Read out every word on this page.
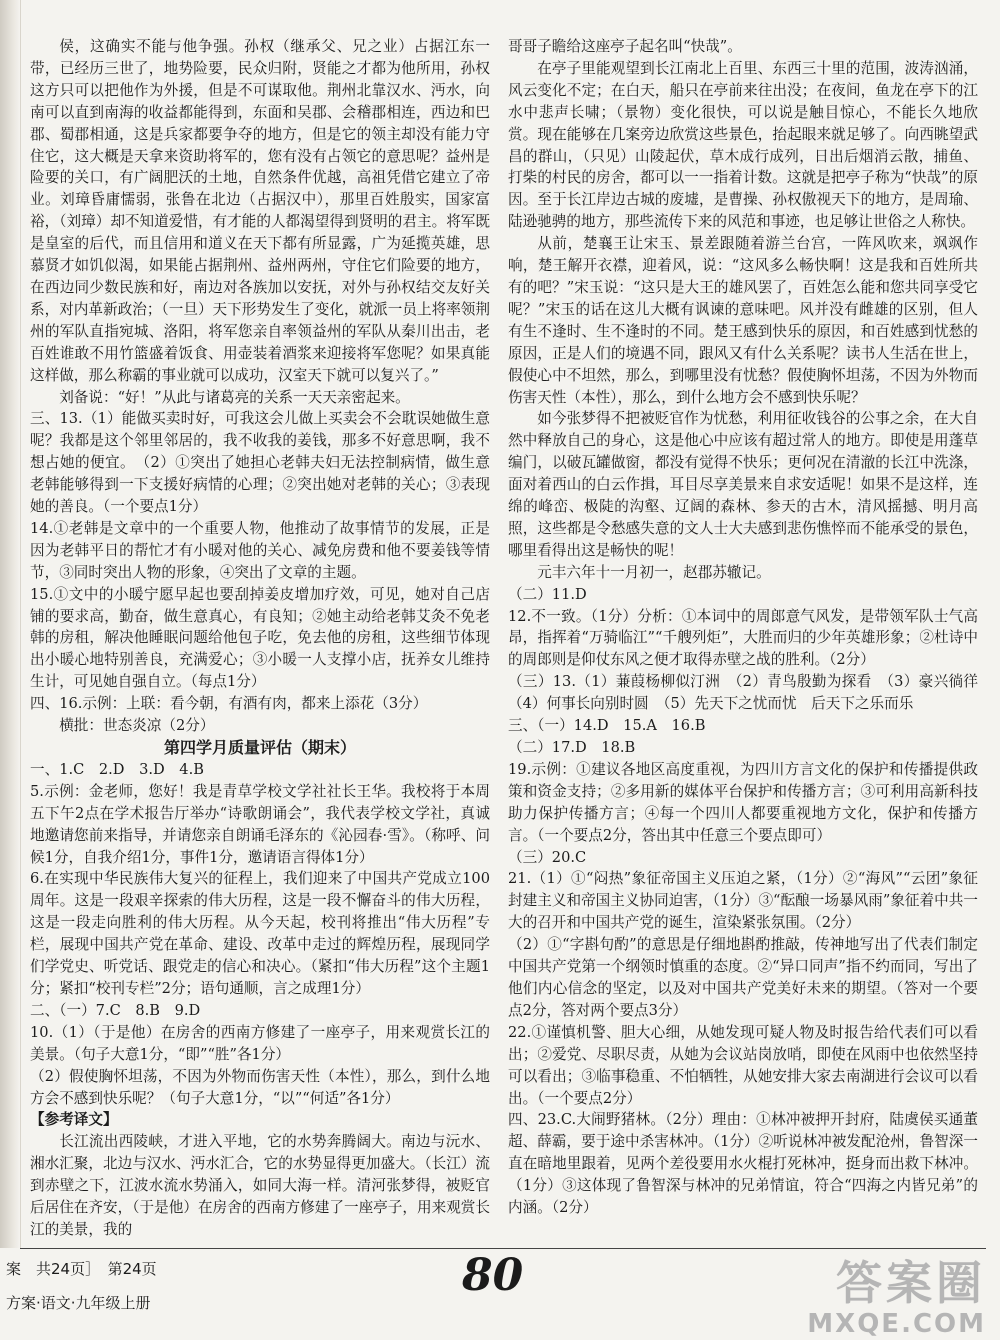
侯，这确实不能与他争强。孙权（继承父、兄之业）占据江东一带，已经历三世了，地势险要，民众归附，贤能之才都为他所用，孙权这方只可以把他作为外援，但是不可谋取他。荆州北靠汉水、沔水，向南可以直到南海的收益都能得到，东面和吴郡、会稽郡相连，西边和巴郡、蜀郡相通，这是兵家都要争夺的地方，但是它的领主却没有能力守住它，这大概是天拿来资助将军的，您有没有占领它的意思呢？益州是险要的关口，有广阔肥沃的土地，自然条件优越，高祖凭借它建立了帝业。刘璋昏庸懦弱，张鲁在北边（占据汉中），那里百姓殷实，国家富裕，（刘璋）却不知道爱惜，有才能的人都渴望得到贤明的君主。将军既是皇室的后代，而且信用和道义在天下都有所显露，广为延揽英雄，思慕贤才如饥似渴，如果能占据荆州、益州两州，守住它们险要的地方，在西边同少数民族和好，南边对各族加以安抚，对外与孙权结交友好关系，对内革新政治；（一旦）天下形势发生了变化，就派一员上将率领荆州的军队直指宛城、洛阳，将军您亲自率领益州的军队从秦川出击，老百姓谁敢不用竹篮盛着饭食、用壶装着酒浆来迎接将军您呢？如果真能这样做，那么称霸的事业就可以成功，汉室天下就可以复兴了。”

刘备说：“好！”从此与诸葛亮的关系一天天亲密起来。

三、13.（1）能做买卖时好，可我这会儿做上买卖会不会耽误她做生意呢？我都是这个邻里邻居的，我不收我的姜钱，那多不好意思啊，我不想占她的便宜。　（2）①突出了她担心老韩夫妇无法控制病情，做生意老韩能够得到一下支援好病情的心理；②突出她对老韩的关心；③表现她的善良。（一个要点1分）

14.①老韩是文章中的一个重要人物，他推动了故事情节的发展，正是因为老韩平日的帮忙才有小暖对他的关心、减免房费和他不要姜钱等情节，③同时突出人物的形象，④突出了文章的主题。

15.①文中的小暖宁愿早起也要刮掉姜皮增加疗效，可见，她对自己店铺的要求高，勤奋，做生意真心，有良知；②她主动给老韩艾灸不免老韩的房租，解决他睡眠问题给他包子吃，免去他的房租，这些细节体现出小暖心地特别善良，充满爱心；③小暖一人支撑小店，抚养女儿维持生计，可见她自强自立。（每点1分）

四、16.示例：上联：看今朝，有酒有肉，都来上添花（3分）

横批：世态炎凉（2分）

第四学月质量评估（期末）

一、1.C　2.D　3.D　4.B

5.示例：金老师，您好！我是青草学校文学社社长王华。我校将于本周五下午2点在学术报告厅举办“诗歌朗诵会”，我代表学校文学社，真诚地邀请您前来指导，并请您亲自朗诵毛泽东的《沁园春·雪》。（称呼、问候1分，自我介绍1分，事件1分，邀请语言得体1分）

6.在实现中华民族伟大复兴的征程上，我们迎来了中国共产党成立100周年。这是一段艰辛探索的伟大历程，这是一段不懈奋斗的伟大历程，这是一段走向胜利的伟大历程。从今天起，校刊将推出“伟大历程”专栏，展现中国共产党在革命、建设、改革中走过的辉煌历程，展现同学们学党史、听党话、跟党走的信心和决心。（紧扣“伟大历程”这个主题1分；紧扣“校刊专栏”2分；语句通顺，言之成理1分）

二、（一）7.C　8.B　9.D

10.（1）（于是他）在房舍的西南方修建了一座亭子，用来观赏长江的美景。（句子大意1分，“即”“胜”各1分）

（2）假使胸怀坦荡，不因为外物而伤害天性（本性），那么，到什么地方会不感到快乐呢？（句子大意1分，“以”“何适”各1分）

【参考译文】

长江流出西陵峡，才进入平地，它的水势奔腾阔大。南边与沅水、湘水汇聚，北边与汉水、沔水汇合，它的水势显得更加盛大。（长江）流到赤壁之下，江波水流水势涌入，如同大海一样。清河张梦得，被贬官后居住在齐安，（于是他）在房舍的西南方修建了一座亭子，用来观赏长江的美景，我的

哥哥子瞻给这座亭子起名叫“快哉”。

在亭子里能观望到长江南北上百里、东西三十里的范围，波涛汹涌，风云变化不定；在白天，船只在亭前来往出没；在夜间，鱼龙在亭下的江水中悲声长啸；（景物）变化很快，可以说是触目惊心，不能长久地欣赏。现在能够在几案旁边欣赏这些景色，抬起眼来就足够了。向西眺望武昌的群山，（只见）山陵起伏，草木成行成列，日出后烟消云散，捕鱼、打柴的村民的房舍，都可以一一指着计数。这就是把亭子称为“快哉”的原因。至于长江岸边古城的废墟，是曹操、孙权傲视天下的地方，是周瑜、陆逊驰骋的地方，那些流传下来的风范和事迹，也足够让世俗之人称快。

从前，楚襄王让宋玉、景差跟随着游兰台宫，一阵风吹来，飒飒作响，楚王解开衣襟，迎着风，说：“这风多么畅快啊！这是我和百姓所共有的吧？”宋玉说：“这只是大王的雄风罢了，百姓怎么能和您共同享受它呢？”宋玉的话在这儿大概有讽谏的意味吧。风并没有雌雄的区别，但人有生不逢时、生不逢时的不同。楚王感到快乐的原因，和百姓感到忧愁的原因，正是人们的境遇不同，跟风又有什么关系呢？读书人生活在世上，假使心中不坦然，那么，到哪里没有忧愁？假使胸怀坦荡，不因为外物而伤害天性（本性），那么，到什么地方会不感到快乐呢？

如今张梦得不把被贬官作为忧愁，利用征收钱谷的公事之余，在大自然中释放自己的身心，这是他心中应该有超过常人的地方。即使是用蓬草编门，以破瓦罐做窗，都没有觉得不快乐；更何况在清澈的长江中洗涤，面对着西山的白云作揖，耳目尽享美景来自求安适呢！如果不是这样，连绵的峰峦、极陡的沟壑、辽阔的森林、参天的古木，清风摇撼、明月高照，这些都是令愁感失意的文人士大夫感到悲伤憔悴而不能承受的景色，哪里看得出这是畅快的呢！

元丰六年十一月初一，赵郡苏辙记。

（二）11.D

12.不一致。（1分）分析：①本词中的周郎意气风发，是带领军队士气高昂，指挥着“万骑临江”“千艘列炬”，大胜而归的少年英雄形象；②杜诗中的周郎则是仰仗东风之便才取得赤壁之战的胜利。（2分）

（三）13.（1）蒹葭杨柳似汀洲　（2）青鸟殷勤为探看　（3）豪兴徜徉　（4）何事长向别时圆　（5）先天下之忧而忧　后天下之乐而乐

三、（一）14.D　15.A　16.B

（二）17.D　18.B

19.示例：①建议各地区高度重视，为四川方言文化的保护和传播提供政策和资金支持；②多用新的媒体平台保护和传播方言；③可利用高新科技助力保护传播方言；④每一个四川人都要重视地方文化，保护和传播方言。（一个要点2分，答出其中任意三个要点即可）

（三）20.C

21.（1）①“闷热”象征帝国主义压迫之紧，（1分）②“海风”“云团”象征封建主义和帝国主义协同迫害，（1分）③“酝酿一场暴风雨”象征着中共一大的召开和中国共产党的诞生，渲染紧张氛围。（2分）

（2）①“字斟句酌”的意思是仔细地斟酌推敲，传神地写出了代表们制定中国共产党第一个纲领时慎重的态度。②“异口同声”指不约而同，写出了他们内心信念的坚定，以及对中国共产党美好未来的期望。（答对一个要点2分，答对两个要点3分）

22.①谨慎机警、胆大心细，从她发现可疑人物及时报告给代表们可以看出；②爱党、尽职尽责，从她为会议站岗放哨，即使在风雨中也依然坚持可以看出；③临事稳重、不怕牺牲，从她安排大家去南湖进行会议可以看出。（一个要点2分）

四、23.C.大闹野猪林。（2分）理由：①林冲被押开封府，陆虞侯买通董超、薛霸，要于途中杀害林冲。（1分）②听说林冲被发配沧州，鲁智深一直在暗地里跟着，见两个差役要用水火棍打死林冲，挺身而出救下林冲。（1分）③这体现了鲁智深与林冲的兄弟情谊，符合“四海之内皆兄弟”的内涵。（2分）

案　共24页］　第24页
方案·语文·九年级上册
80	答案圈
MXQE.COM
